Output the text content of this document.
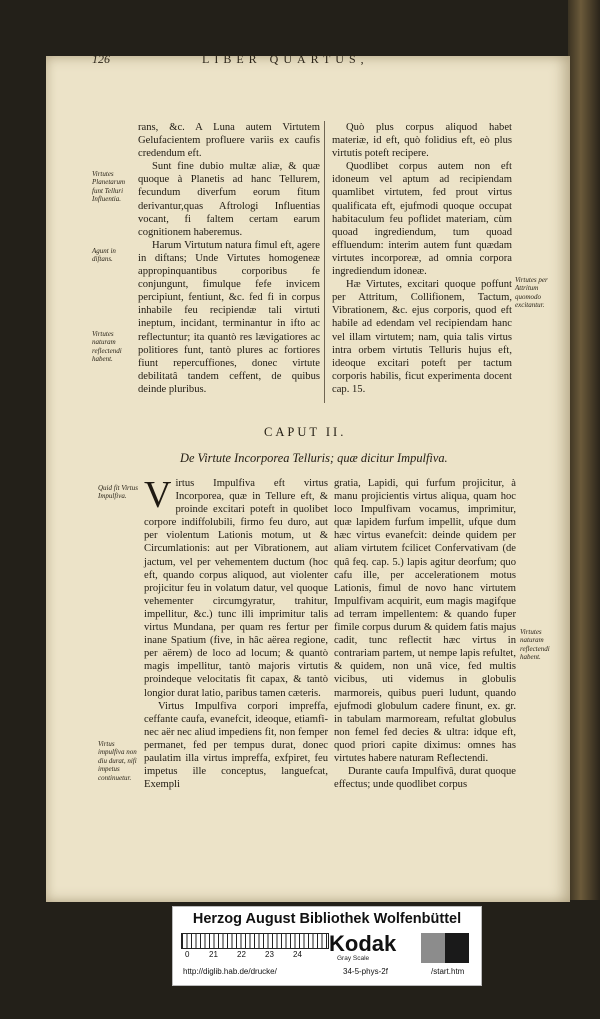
126	LIBER QUARTUS,

rans, &c. A Luna autem Virtutem Gelufacientem profluere variis ex caufis credendum eft.

Sunt fine dubio multæ aliæ, & quæ quoque à Planetis ad hanc Tellurem, fecundum diverfum eorum fitum derivantur,quas Aftrologi Influentias vocant, fi faltem certam earum cognitionem haberemus.

Harum Virtutum natura fimul eft, agere in diftans; Unde Virtutes homogeneæ appropinquantibus corporibus fe conjungunt, fimulque fefe invicem percipiunt, fentiunt, &c. fed fi in corpus inhabile feu recipiendæ tali virtuti ineptum, incidant, terminantur in ifto ac reflectuntur; ita quantò res lævigatiores ac politiores funt, tantò plures ac fortiores fiunt repercuffiones, donec virtute debilitatâ tandem ceffent, de quibus deinde pluribus.

Quò plus corpus aliquod habet materiæ, id eft, quò folidius eft, eò plus virtutis poteft recipere.

Quodlibet corpus autem non eft idoneum vel aptum ad recipiendam quamlibet virtutem, fed prout virtus qualificata eft, ejufmodi quoque occupat habitaculum feu poflidet materiam, cùm quoad ingrediendum, tum quoad effluendum: interim autem funt quædam virtutes incorporeæ, ad omnia corpora ingrediendum idoneæ.

Hæ Virtutes, excitari quoque poffunt per Attritum, Collifionem, Tactum, Vibrationem, &c. ejus corporis, quod eft habile ad edendam vel recipiendam hanc vel illam virtutem; nam, quia talis virtus intra orbem virtutis Telluris hujus eft, ideoque excitari poteft per tactum corporis habilis, ficut experimenta docent cap. 15.

Virtutes Planetarum funt Telluri Influentia.
Agunt in diftans.
Virtutes naturam reflectendi habent.
Virtutes per Attritum quomodo excitantur.
CAPUT II.
De Virtute Incorporea Telluris; quæ dicitur Impulfiva.

Virtus Impulfiva eft virtus Incorporea, quæ in Tellure eft, & proinde excitari poteft in quolibet corpore indiffolubili, firmo feu duro, aut per violentum Lationis motum, ut & Circumlationis: aut per Vibrationem, aut jactum, vel per vehementem ductum (hoc eft, quando corpus aliquod, aut violenter projicitur feu in volatum datur, vel quoque vehementer circumgyratur, trahitur, impellitur, &c.) tunc illi imprimitur talis virtus Mundana, per quam res fertur per inane Spatium (five, in hâc aërea regione, per aërem) de loco ad locum; & quantò magis impellitur, tantò majoris virtutis proindeque velocitatis fit capax, & tantò longior durat latio, paribus tamen cæteris.

Virtus Impulfiva corpori impreffa, ceffante caufa, evanefcit, ideoque, etiamfi-nec aër nec aliud impediens fit, non femper permanet, fed per tempus durat, donec paulatim illa virtus impreffa, exfpiret, feu impetus ille conceptus, languefcat, Exempli

gratia, Lapidi, qui furfum projicitur, à manu projicientis virtus aliqua, quam hoc loco Impulfivam vocamus, imprimitur, quæ lapidem furfum impellit, ufque dum hæc virtus evanefcit: deinde quidem per aliam virtutem fcilicet Confervativam (de quâ feq. cap. 5.) lapis agitur deorfum; quo cafu ille, per accelerationem motus Lationis, fimul de novo hanc virtutem Impulfivam acquirit, eum magis magifque ad terram impellentem: & quando fuper fimile corpus durum & quidem fatis majus cadit, tunc reflectit hæc virtus in contrariam partem, ut nempe lapis refultet, & quidem, non unâ vice, fed multis vicibus, uti videmus in globulis marmoreis, quibus pueri ludunt, quando ejufmodi globulum cadere finunt, ex. gr. in tabulam marmoream, refultat globulus non femel fed decies & ultra: idque eft, quod priori capite diximus: omnes has virtutes habere naturam Reflectendi.

Durante caufa Impulfivâ, durat quoque effectus; unde quodlibet corpus

Quid fit Virtus Impulfiva.
Virtus impulfiva non diu durat, nifi impetus continuetur.
Virtutes naturam reflectendi habent.
Herzog August Bibliothek Wolfenbüttel
0 21 22 23 24 Kodak
Gray Scale
http://diglib.hab.de/drucke/	34-5-phys-2f	/start.htm
